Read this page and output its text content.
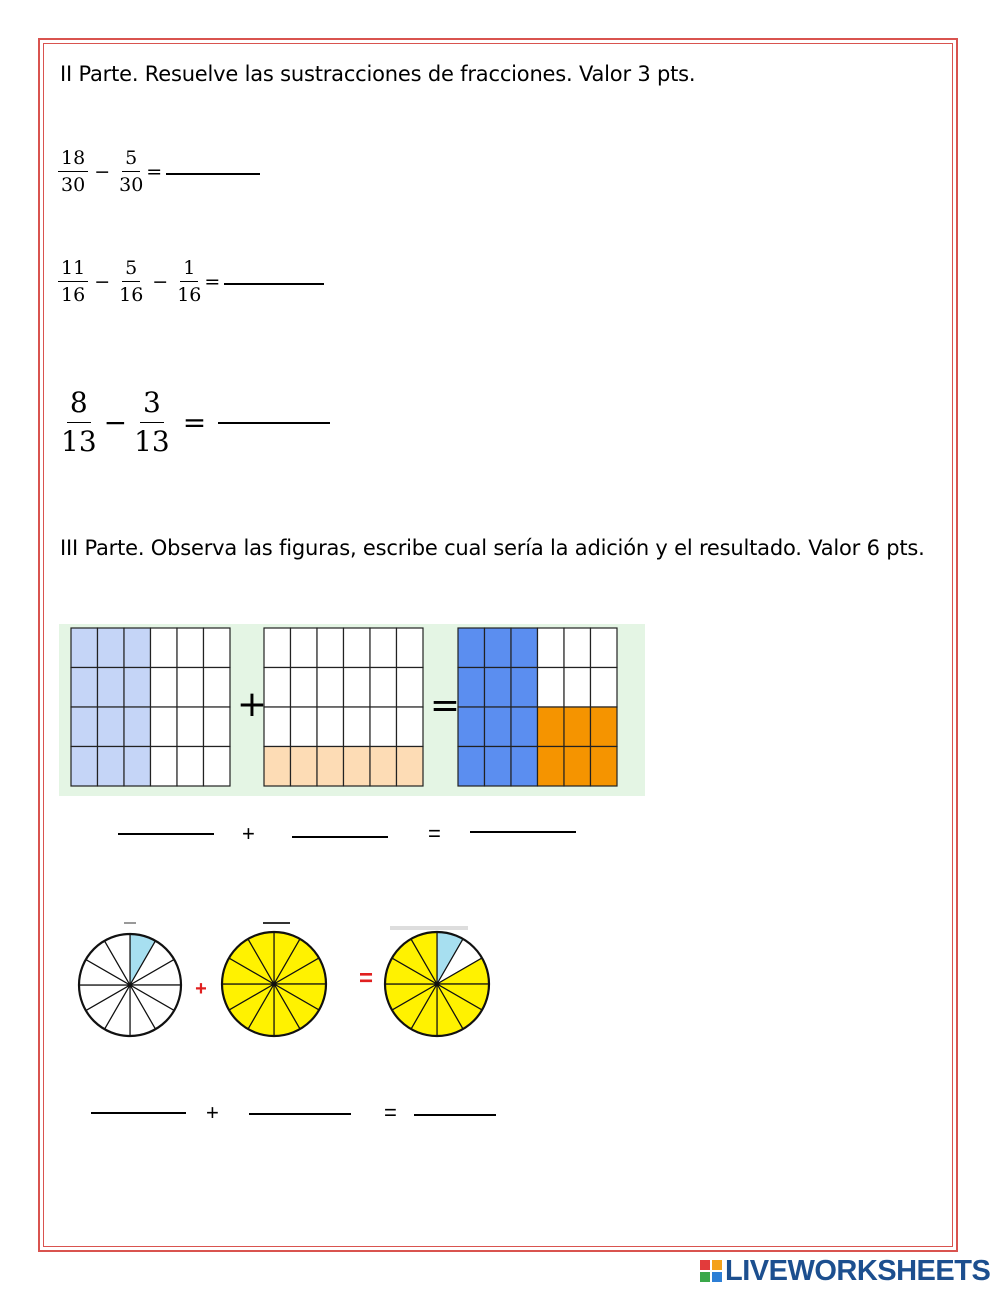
II Parte. Resuelve las sustracciones de fracciones. Valor 3 pts.
$\frac{18}{30} - \frac{5}{30}$ =
$\frac{11}{16} - \frac{5}{16} - \frac{1}{16}$ =
$\frac{8}{13} - \frac{3}{13}$ =
III Parte. Observa las figuras, escribe cual sería la adición y el resultado. Valor 6 pts.
+	=
+	=
+	=
+	=
LIVEWORKSHEETS
